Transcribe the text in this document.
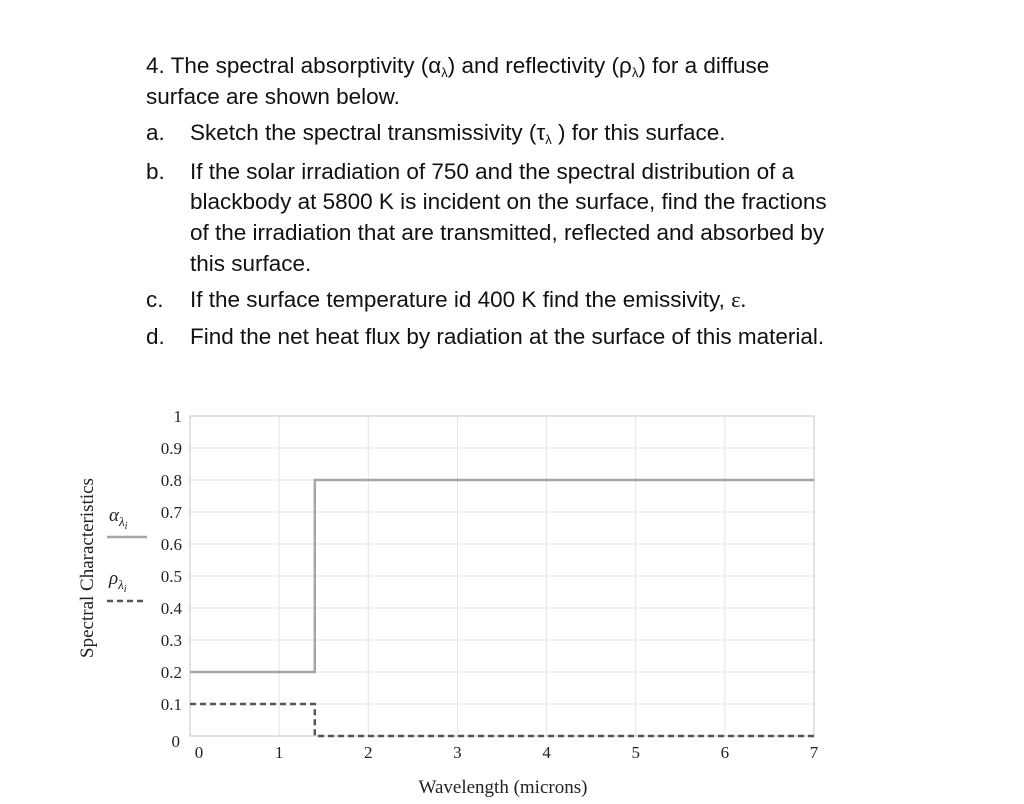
4. The spectral absorptivity $(\alpha_\lambda)$ and reflectivity $(\rho_\lambda)$ for a diffuse
surface are shown below.
a. Sketch the spectral transmissivity ($\tau_\lambda$ ) for this surface.
b. If the solar irradiation of 750 and the spectral distribution of a
blackbody at 5800 K is incident on the surface, find the fractions
of the irradiation that are transmitted, reflected and absorbed by
this surface.
c. If the surface temperature id 400 K find the emissivity, ε.
d. Find the net heat flux by radiation at the surface of this material.
0	1	2	3	4	5	6	7
0
0.1
0.2
0.3
0.4
0.5
0.6
0.7
0.8
0.9
1
Wavelength (microns)
Spectral Characteristics $\alpha_\lambda i$
$\rho_\lambda i$
